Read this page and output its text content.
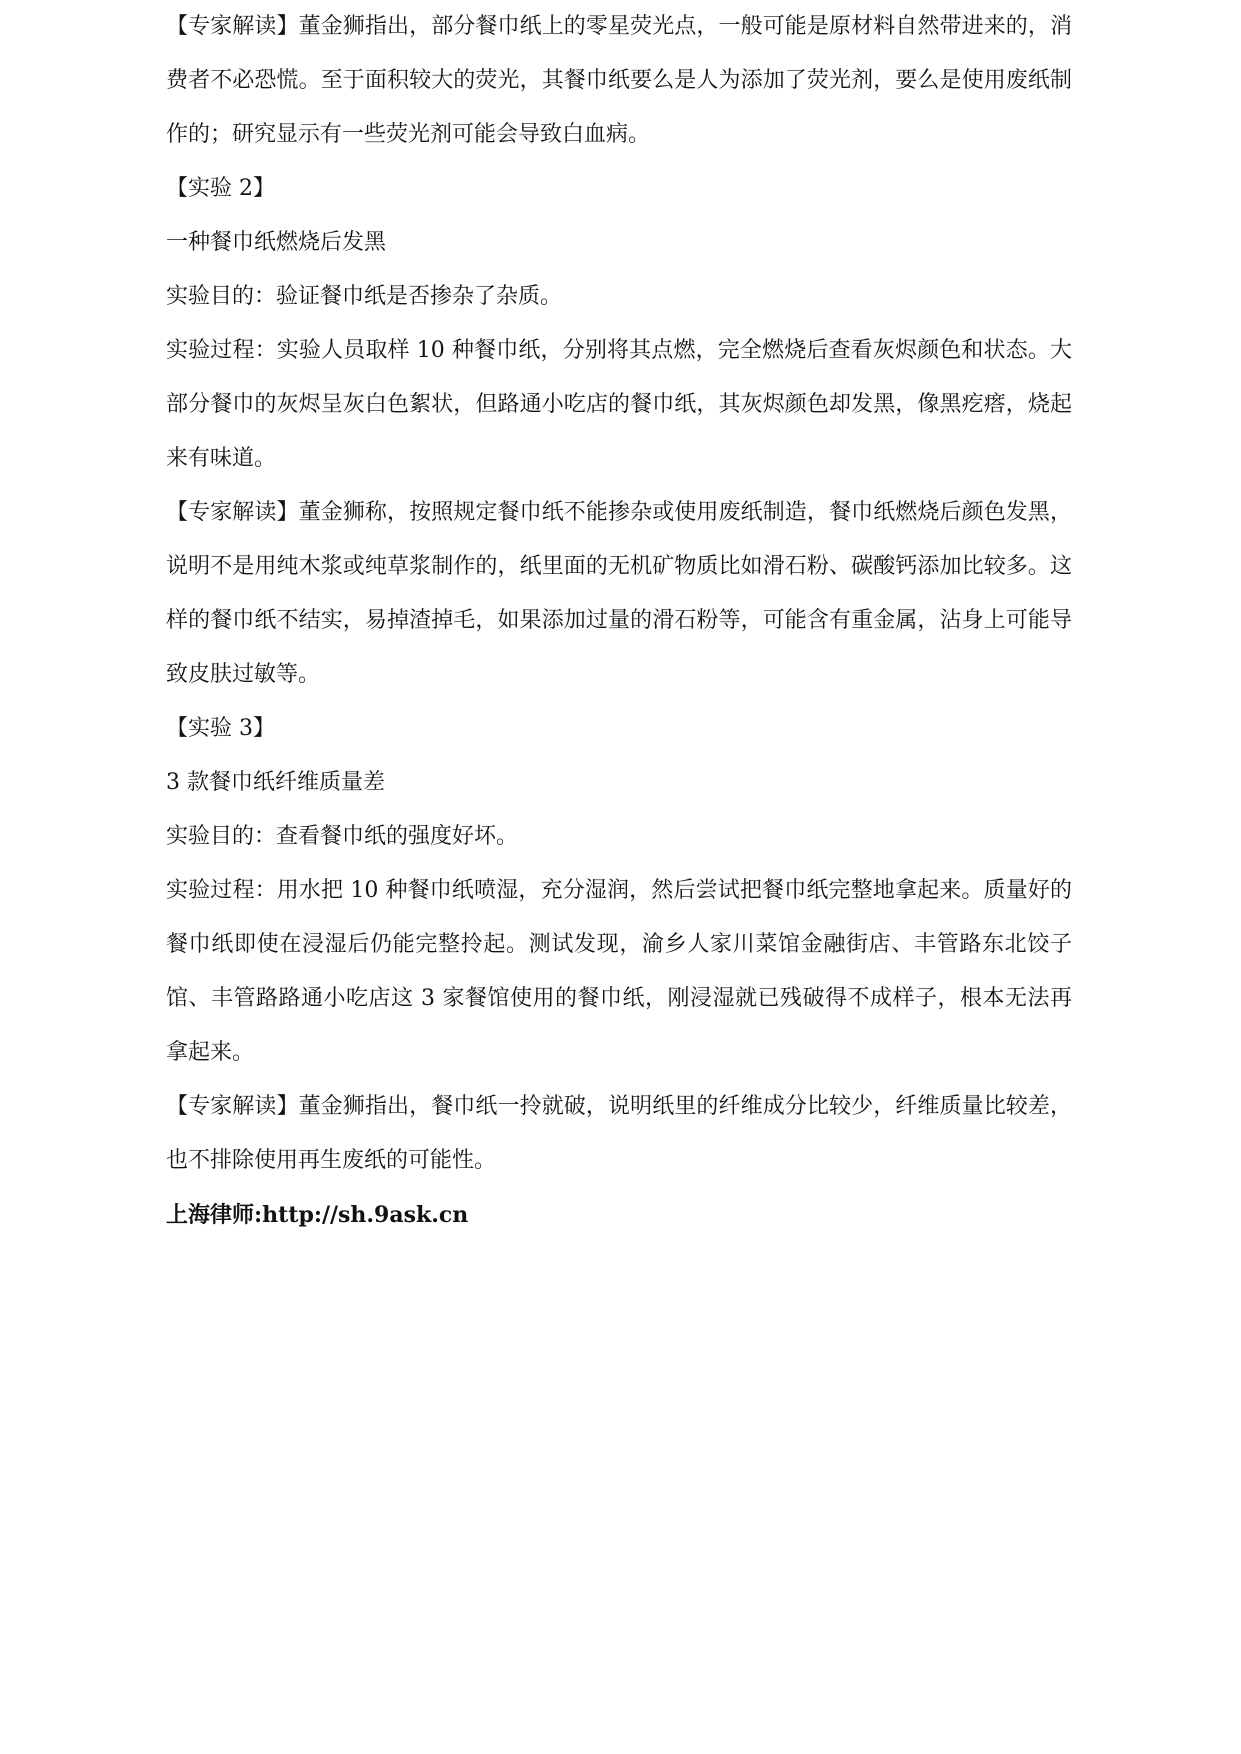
【专家解读】董金狮指出，部分餐巾纸上的零星荧光点，一般可能是原材料自然带进来的，消费者不必恐慌。至于面积较大的荧光，其餐巾纸要么是人为添加了荧光剂，要么是使用废纸制作的；研究显示有一些荧光剂可能会导致白血病。

【实验 2】

一种餐巾纸燃烧后发黑

实验目的：验证餐巾纸是否掺杂了杂质。

实验过程：实验人员取样 10 种餐巾纸，分别将其点燃，完全燃烧后查看灰烬颜色和状态。大部分餐巾的灰烬呈灰白色絮状，但路通小吃店的餐巾纸，其灰烬颜色却发黑，像黑疙瘩，烧起来有味道。

【专家解读】董金狮称，按照规定餐巾纸不能掺杂或使用废纸制造，餐巾纸燃烧后颜色发黑，说明不是用纯木浆或纯草浆制作的，纸里面的无机矿物质比如滑石粉、碳酸钙添加比较多。这样的餐巾纸不结实，易掉渣掉毛，如果添加过量的滑石粉等，可能含有重金属，沾身上可能导致皮肤过敏等。

【实验 3】

3 款餐巾纸纤维质量差

实验目的：查看餐巾纸的强度好坏。

实验过程：用水把 10 种餐巾纸喷湿，充分湿润，然后尝试把餐巾纸完整地拿起来。质量好的餐巾纸即使在浸湿后仍能完整拎起。测试发现，渝乡人家川菜馆金融街店、丰管路东北饺子馆、丰管路路通小吃店这 3 家餐馆使用的餐巾纸，刚浸湿就已残破得不成样子，根本无法再拿起来。

【专家解读】董金狮指出，餐巾纸一拎就破，说明纸里的纤维成分比较少，纤维质量比较差，也不排除使用再生废纸的可能性。

上海律师:http://sh.9ask.cn
